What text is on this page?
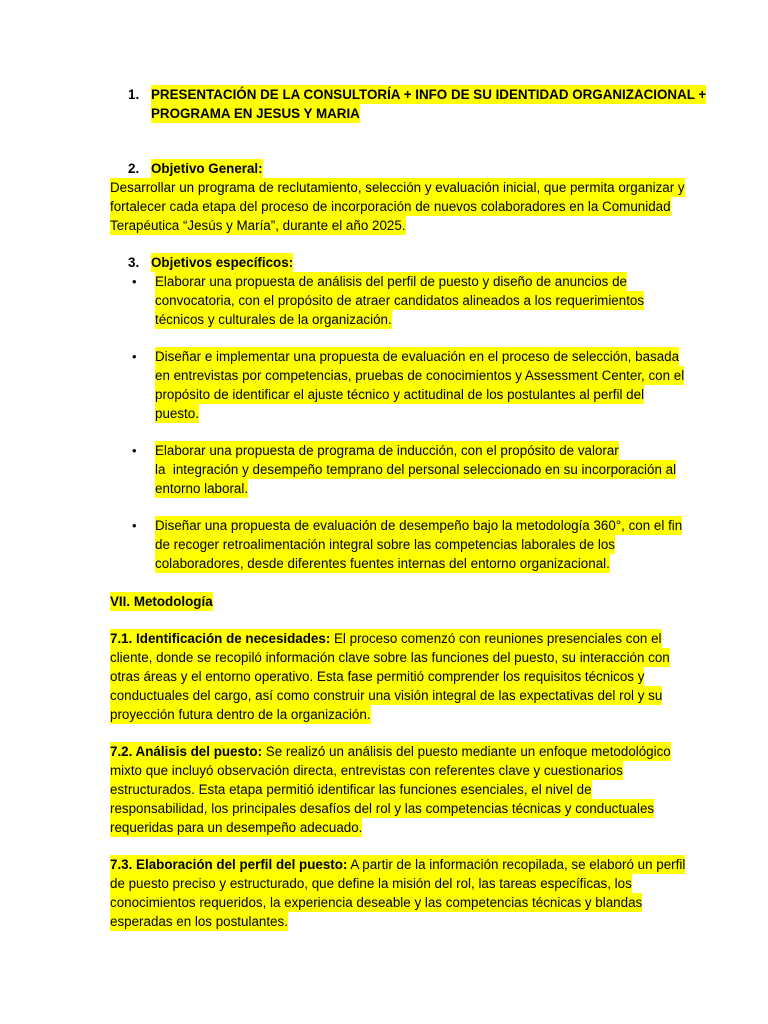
1. PRESENTACIÓN DE LA CONSULTORÍA + INFO DE SU IDENTIDAD ORGANIZACIONAL +
PROGRAMA EN JESUS Y MARIA
2. Objetivo General:
Desarrollar un programa de reclutamiento, selección y evaluación inicial, que permita organizar y
fortalecer cada etapa del proceso de incorporación de nuevos colaboradores en la Comunidad
Terapéutica “Jesús y María”, durante el año 2025.
3. Objetivos específicos:
• Elaborar una propuesta de análisis del perfil de puesto y diseño de anuncios de
convocatoria, con el propósito de atraer candidatos alineados a los requerimientos
técnicos y culturales de la organización.
• Diseñar e implementar una propuesta de evaluación en el proceso de selección, basada
en entrevistas por competencias, pruebas de conocimientos y Assessment Center, con el
propósito de identificar el ajuste técnico y actitudinal de los postulantes al perfil del
puesto.
• Elaborar una propuesta de programa de inducción, con el propósito de valorar
la  integración y desempeño temprano del personal seleccionado en su incorporación al
entorno laboral.
• Diseñar una propuesta de evaluación de desempeño bajo la metodología 360°, con el fin
de recoger retroalimentación integral sobre las competencias laborales de los
colaboradores, desde diferentes fuentes internas del entorno organizacional.
VII. Metodología
7.1. Identificación de necesidades: El proceso comenzó con reuniones presenciales con el
cliente, donde se recopiló información clave sobre las funciones del puesto, su interacción con
otras áreas y el entorno operativo. Esta fase permitió comprender los requisitos técnicos y
conductuales del cargo, así como construir una visión integral de las expectativas del rol y su
proyección futura dentro de la organización.
7.2. Análisis del puesto: Se realizó un análisis del puesto mediante un enfoque metodológico
mixto que incluyó observación directa, entrevistas con referentes clave y cuestionarios
estructurados. Esta etapa permitió identificar las funciones esenciales, el nivel de
responsabilidad, los principales desafíos del rol y las competencias técnicas y conductuales
requeridas para un desempeño adecuado.
7.3. Elaboración del perfil del puesto: A partir de la información recopilada, se elaboró un perfil
de puesto preciso y estructurado, que define la misión del rol, las tareas específicas, los
conocimientos requeridos, la experiencia deseable y las competencias técnicas y blandas
esperadas en los postulantes.
